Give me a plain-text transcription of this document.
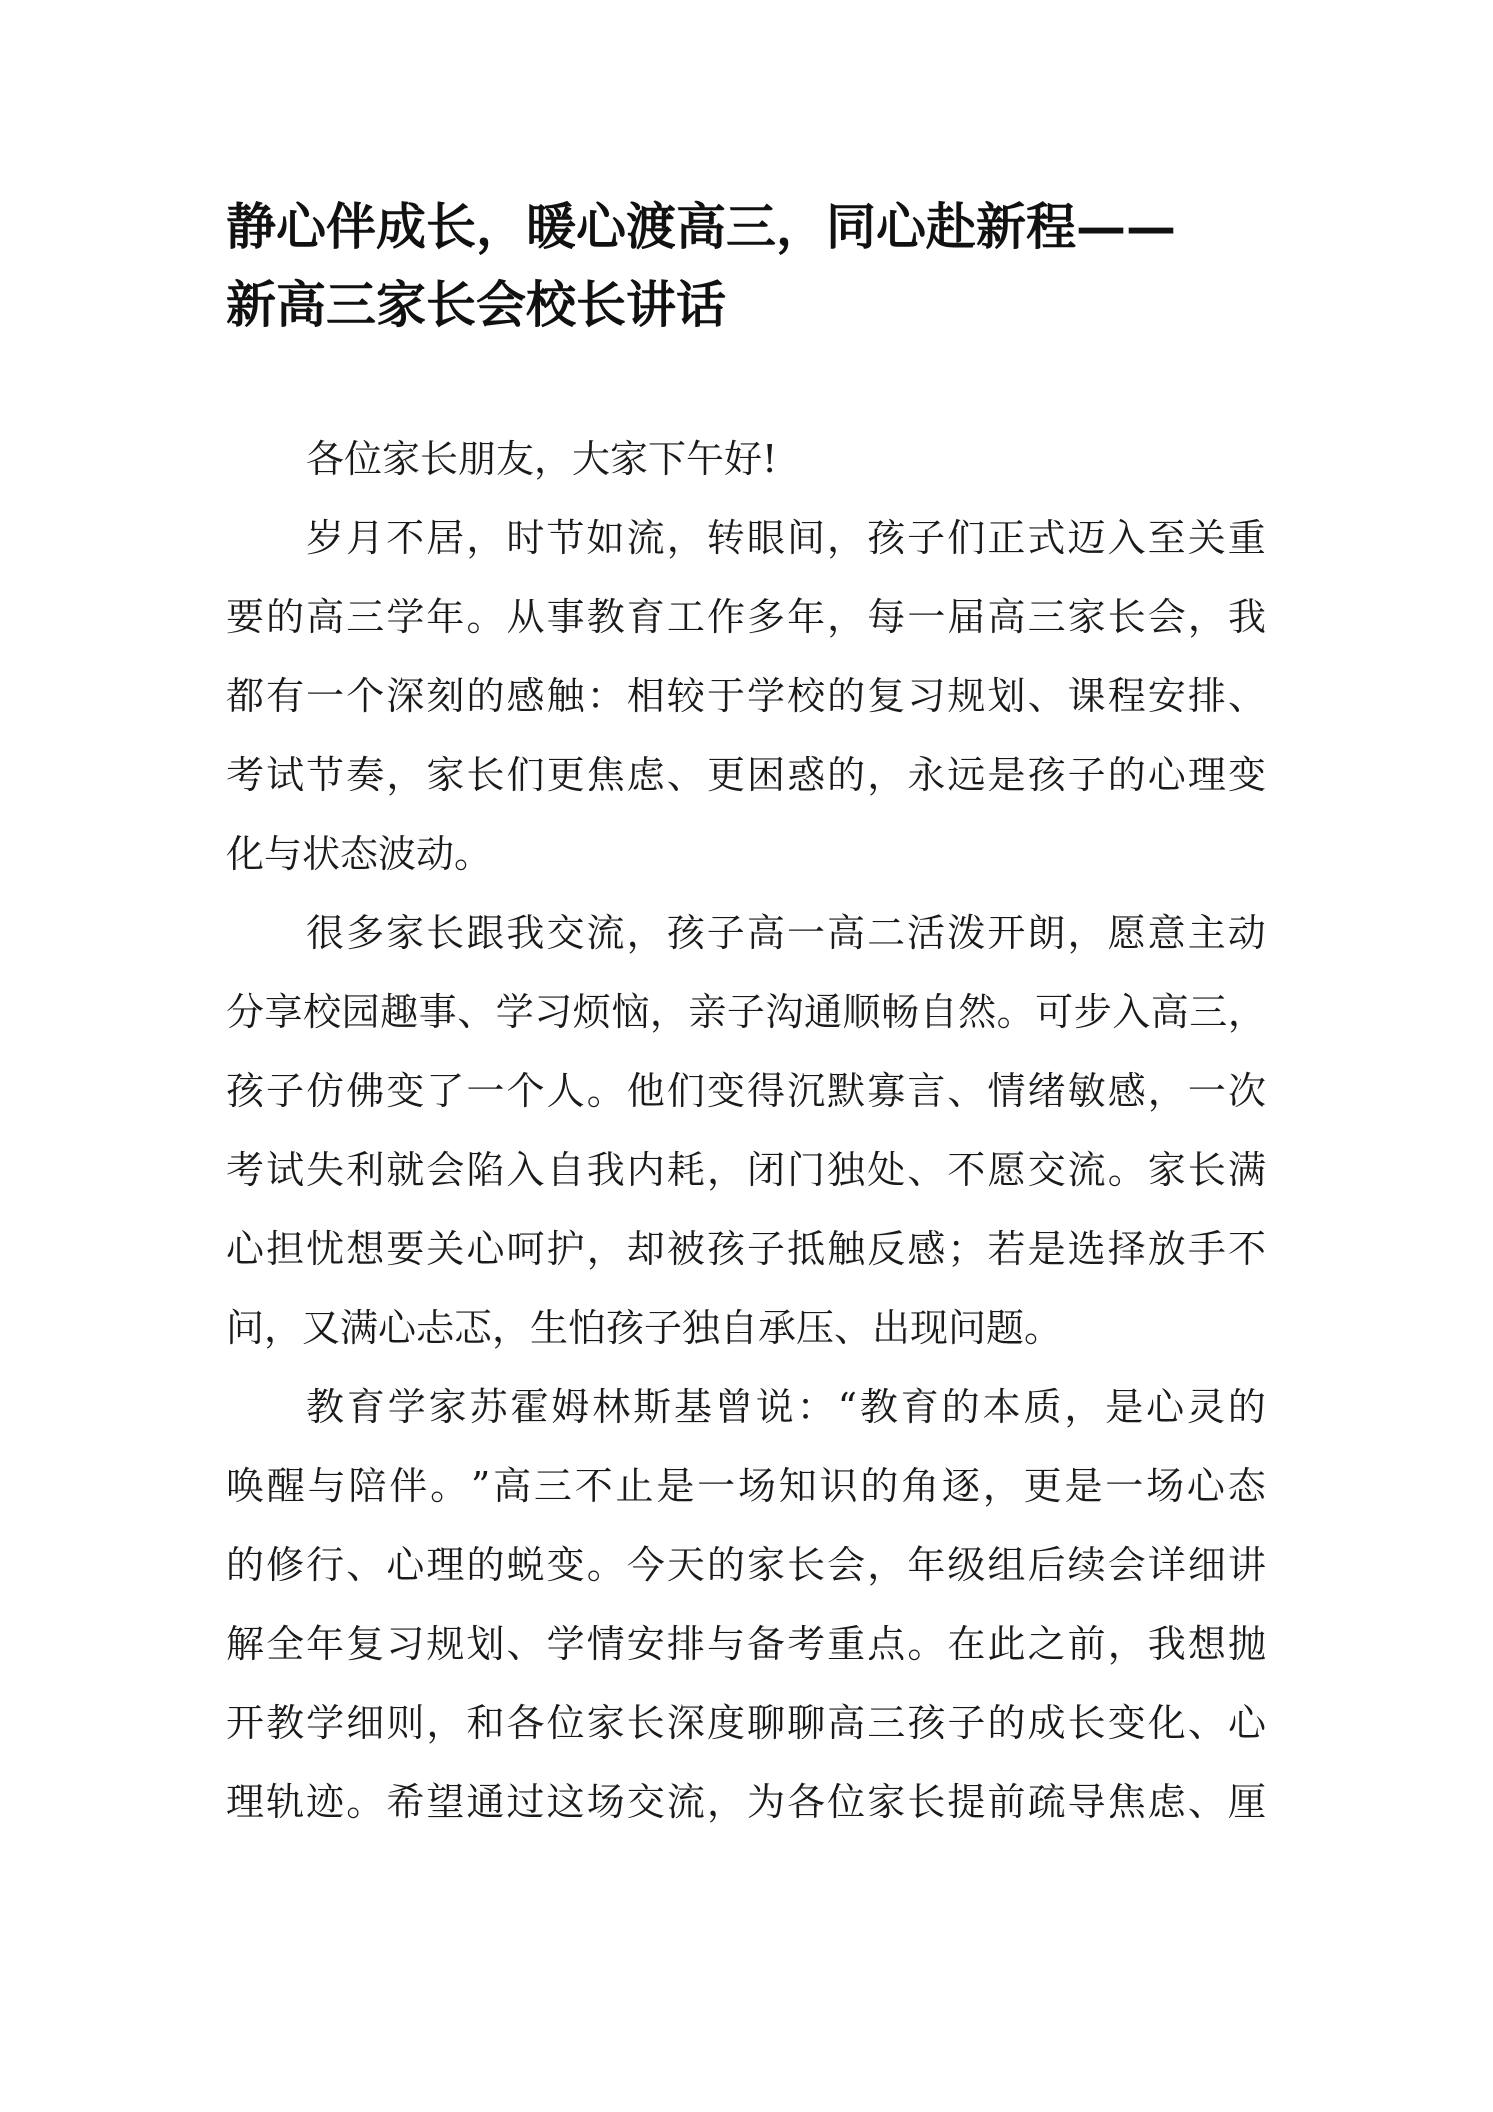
静心伴成长，暖心渡高三，同心赴新程——
新高三家长会校长讲话
各位家长朋友，大家下午好!
岁 月 不 居 ， 时 节 如 流 ， 转 眼 间 ， 孩 子 们 正 式 迈 入 至 关 重
要 的 高 三 学 年 。 从 事 教 育 工 作 多 年 ， 每 一 届 高 三 家 长 会 ， 我
都 有 一 个 深 刻 的 感 触 ： 相 较 于 学 校 的 复 习 规 划 、 课 程 安 排 、
考 试 节 奏 ， 家 长 们 更 焦 虑 、 更 困 惑 的 ， 永 远 是 孩 子 的 心 理 变
化与状态波动。
很 多 家 长 跟 我 交 流 ， 孩 子 高 一 高 二 活 泼 开 朗 ， 愿 意 主 动
分 享 校 园 趣 事 、 学 习 烦 恼 ， 亲 子 沟 通 顺 畅 自 然 。 可 步 入 高 三 ，
孩 子 仿 佛 变 了 一 个 人 。 他 们 变 得 沉 默 寡 言 、 情 绪 敏 感 ， 一 次
考 试 失 利 就 会 陷 入 自 我 内 耗 ， 闭 门 独 处 、 不 愿 交 流 。 家 长 满
心 担 忧 想 要 关 心 呵 护 ， 却 被 孩 子 抵 触 反 感 ； 若 是 选 择 放 手 不
问，又满心忐忑，生怕孩子独自承压、出现问题。
教 育 学 家 苏 霍 姆 林 斯 基 曾 说 ： “ 教 育 的 本 质 ， 是 心 灵 的
唤 醒 与 陪 伴 。 ” 高 三 不 止 是 一 场 知 识 的 角 逐 ， 更 是 一 场 心 态
的 修 行 、 心 理 的 蜕 变 。 今 天 的 家 长 会 ， 年 级 组 后 续 会 详 细 讲
解 全 年 复 习 规 划 、 学 情 安 排 与 备 考 重 点 。 在 此 之 前 ， 我 想 抛
开 教 学 细 则 ， 和 各 位 家 长 深 度 聊 聊 高 三 孩 子 的 成 长 变 化 、 心
理 轨 迹 。 希 望 通 过 这 场 交 流 ， 为 各 位 家 长 提 前 疏 导 焦 虑 、 厘
